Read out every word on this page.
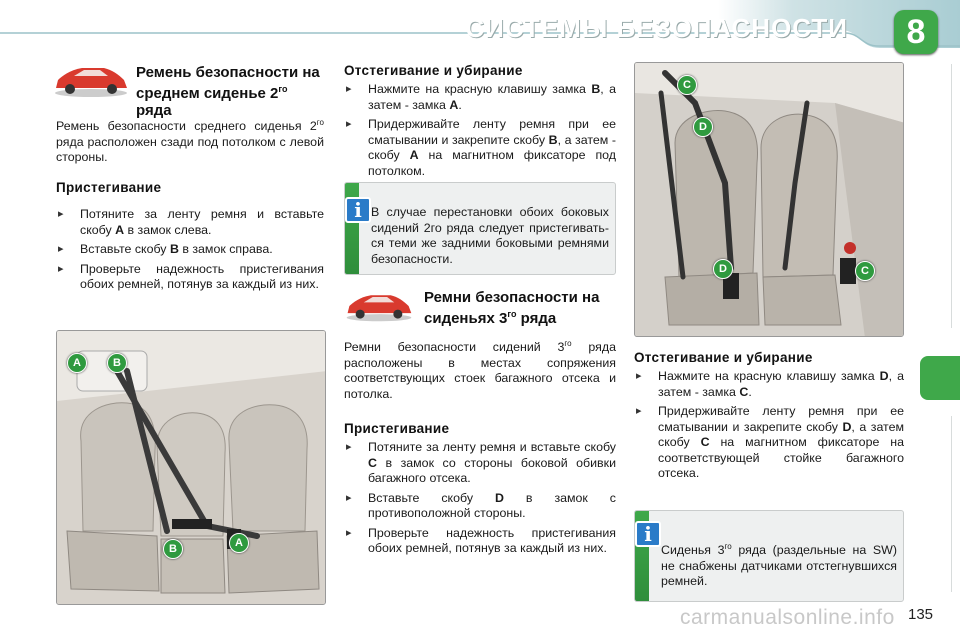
СИСТЕМЫ БЕЗОПАСНОСТИ 8
Ремень безопасности на
среднем сиденье $2^{го}$ ряда
Ремень безопасности среднего сиденья $2^{го}$ ряда расположен сзади под потолком с левой стороны.
Пристегивание
▸ Потяните за ленту ремня и вставьте скобу A в замок слева.
▸ Вставьте скобу B в замок справа.
▸ Проверьте надежность пристегивания обоих ремней, потянув за каждый из них.
A	B
B	A
Отстегивание и убирание
▸ Нажмите на красную клавишу замка B, а затем - замка A.
▸ Придерживайте ленту ремня при ее сматывании и закрепите скобу B, а затем - скобу A на магнитном фиксаторе под потолком.
i В случае перестановки обоих боковых сидений 2го ряда следует пристегивать-ся теми же задними боковыми ремнями безопасности.
Ремни безопасности на
сиденьях $3^{го}$ ряда
Ремни безопасности сидений $3^{го}$ ряда расположены в местах сопряжения соответствующих стоек багажного отсека и потолка.
Пристегивание
▸ Потяните за ленту ремня и вставьте скобу C в замок со стороны боковой обивки багажного отсека.
▸ Вставьте скобу D в замок с противоположной стороны.
▸ Проверьте надежность пристегивания обоих ремней, потянув за каждый из них.
C
D
D	C
Отстегивание и убирание
▸ Нажмите на красную клавишу замка D, а затем - замка C.
▸ Придерживайте ленту ремня при ее сматывании и закрепите скобу D, а затем скобу C на магнитном фиксаторе на соответствующей стойке багажного отсека.
i
Сиденья $3^{го}$ ряда (раздельные на SW) не снабжены датчиками отстегнувшихся ремней.
carmanualsonline.info 135
